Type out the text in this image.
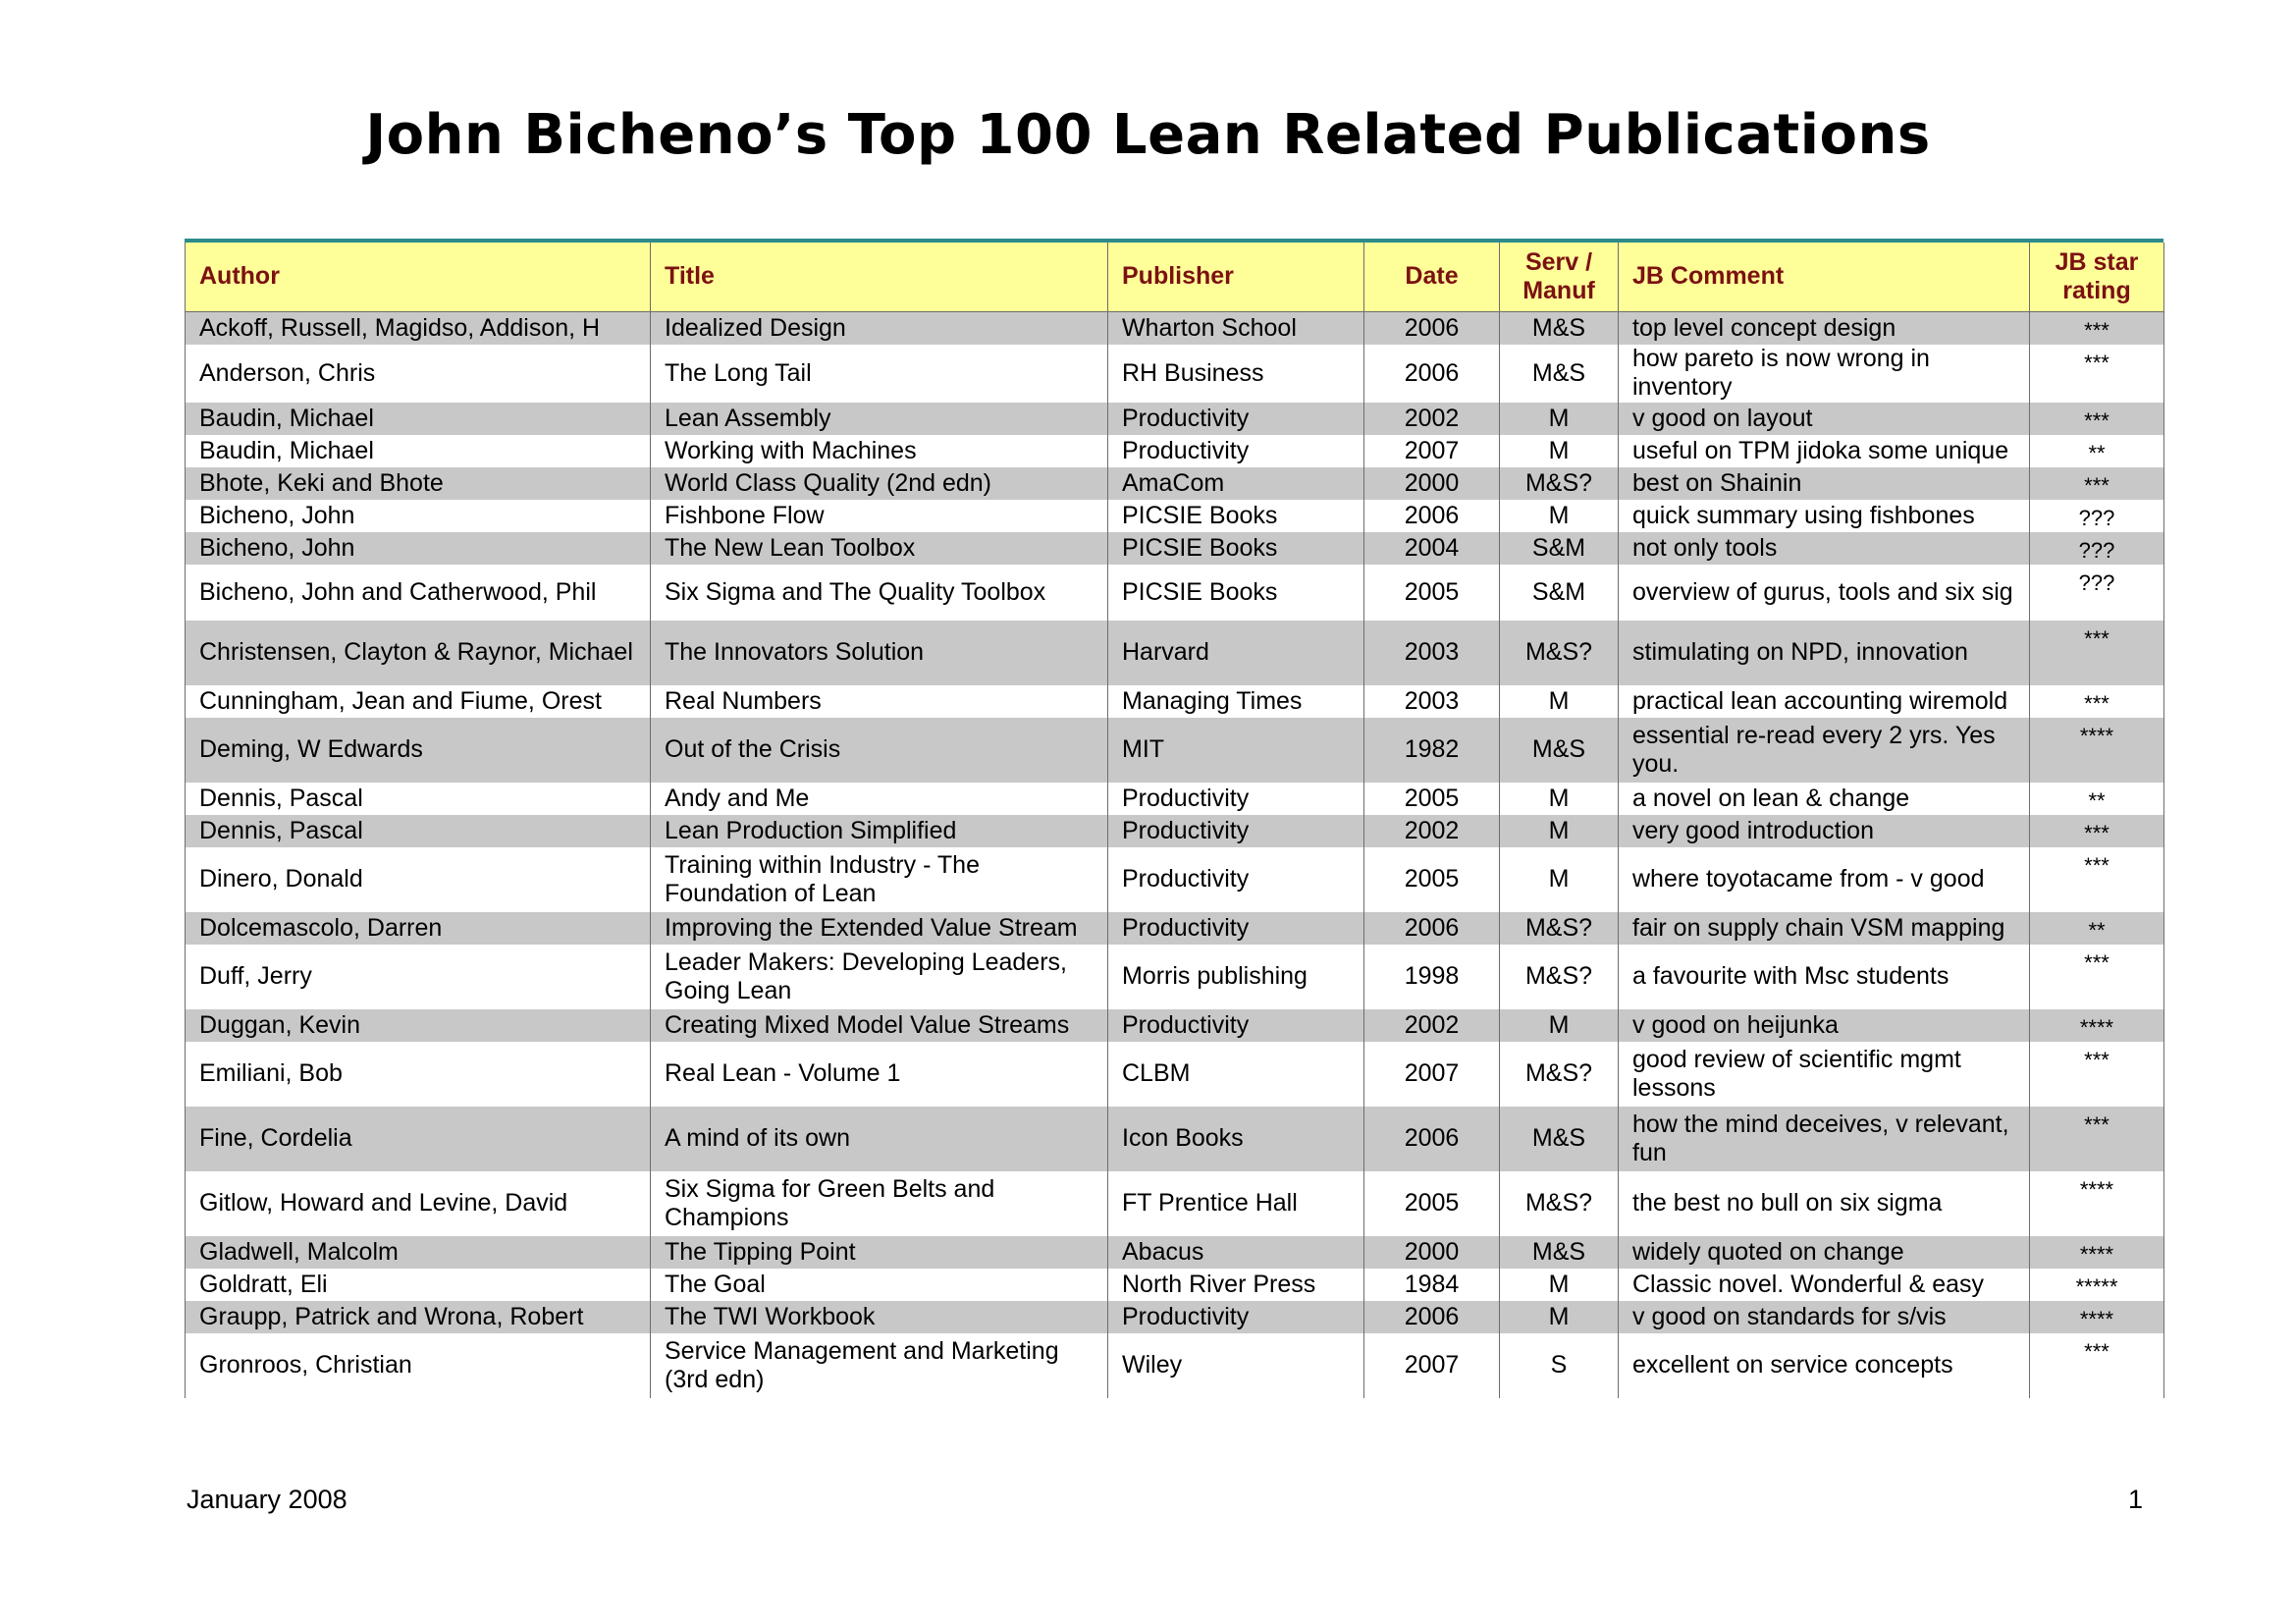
John Bicheno’s Top 100 Lean Related Publications
Author	Title	Publisher	Date	Serv / Manuf	JB Comment	JB star rating
Ackoff, Russell, Magidso, Addison, H	Idealized Design	Wharton School	2006	M&S	top level concept design	***
Anderson, Chris	The Long Tail	RH Business	2006	M&S	how pareto is now wrong in inventory	***
Baudin, Michael	Lean Assembly	Productivity	2002	M	v good on layout	***
Baudin, Michael	Working with Machines	Productivity	2007	M	useful on TPM jidoka some unique	**
Bhote, Keki and Bhote	World Class Quality (2nd edn)	AmaCom	2000	M&S?	best on Shainin	***
Bicheno, John	Fishbone Flow	PICSIE Books	2006	M	quick summary using fishbones	???
Bicheno, John	The New Lean Toolbox	PICSIE Books	2004	S&M	not only tools	???
Bicheno, John and Catherwood, Phil	Six Sigma and The Quality Toolbox	PICSIE Books	2005	S&M	overview of gurus, tools and six sig	???
Christensen, Clayton & Raynor, Michael	The Innovators Solution	Harvard	2003	M&S?	stimulating on NPD, innovation	***
Cunningham, Jean and Fiume, Orest	Real Numbers	Managing Times	2003	M	practical lean accounting wiremold	***
Deming, W Edwards	Out of the Crisis	MIT	1982	M&S	essential re-read every 2 yrs. Yes you.	****
Dennis, Pascal	Andy and Me	Productivity	2005	M	a novel on lean & change	**
Dennis, Pascal	Lean Production Simplified	Productivity	2002	M	very good introduction	***
Dinero, Donald	Training within Industry - The Foundation of Lean	Productivity	2005	M	where toyotacame from - v good	***
Dolcemascolo, Darren	Improving the Extended Value Stream	Productivity	2006	M&S?	fair on supply chain VSM mapping	**
Duff, Jerry	Leader Makers: Developing Leaders, Going Lean	Morris publishing	1998	M&S?	a favourite with Msc students	***
Duggan, Kevin	Creating Mixed Model Value Streams	Productivity	2002	M	v good on heijunka	****
Emiliani, Bob	Real Lean - Volume 1	CLBM	2007	M&S?	good review of scientific mgmt lessons	***
Fine, Cordelia	A mind of its own	Icon Books	2006	M&S	how the mind deceives, v relevant, fun	***
Gitlow, Howard and Levine, David	Six Sigma for Green Belts and Champions	FT Prentice Hall	2005	M&S?	the best no bull on six sigma	****
Gladwell, Malcolm	The Tipping Point	Abacus	2000	M&S	widely quoted on change	****
Goldratt, Eli	The Goal	North River Press	1984	M	Classic novel. Wonderful & easy	*****
Graupp, Patrick and Wrona, Robert	The TWI Workbook	Productivity	2006	M	v good on standards for s/vis	****
Gronroos, Christian	Service Management and Marketing (3rd edn)	Wiley	2007	S	excellent on service concepts	***
January 2008	1
